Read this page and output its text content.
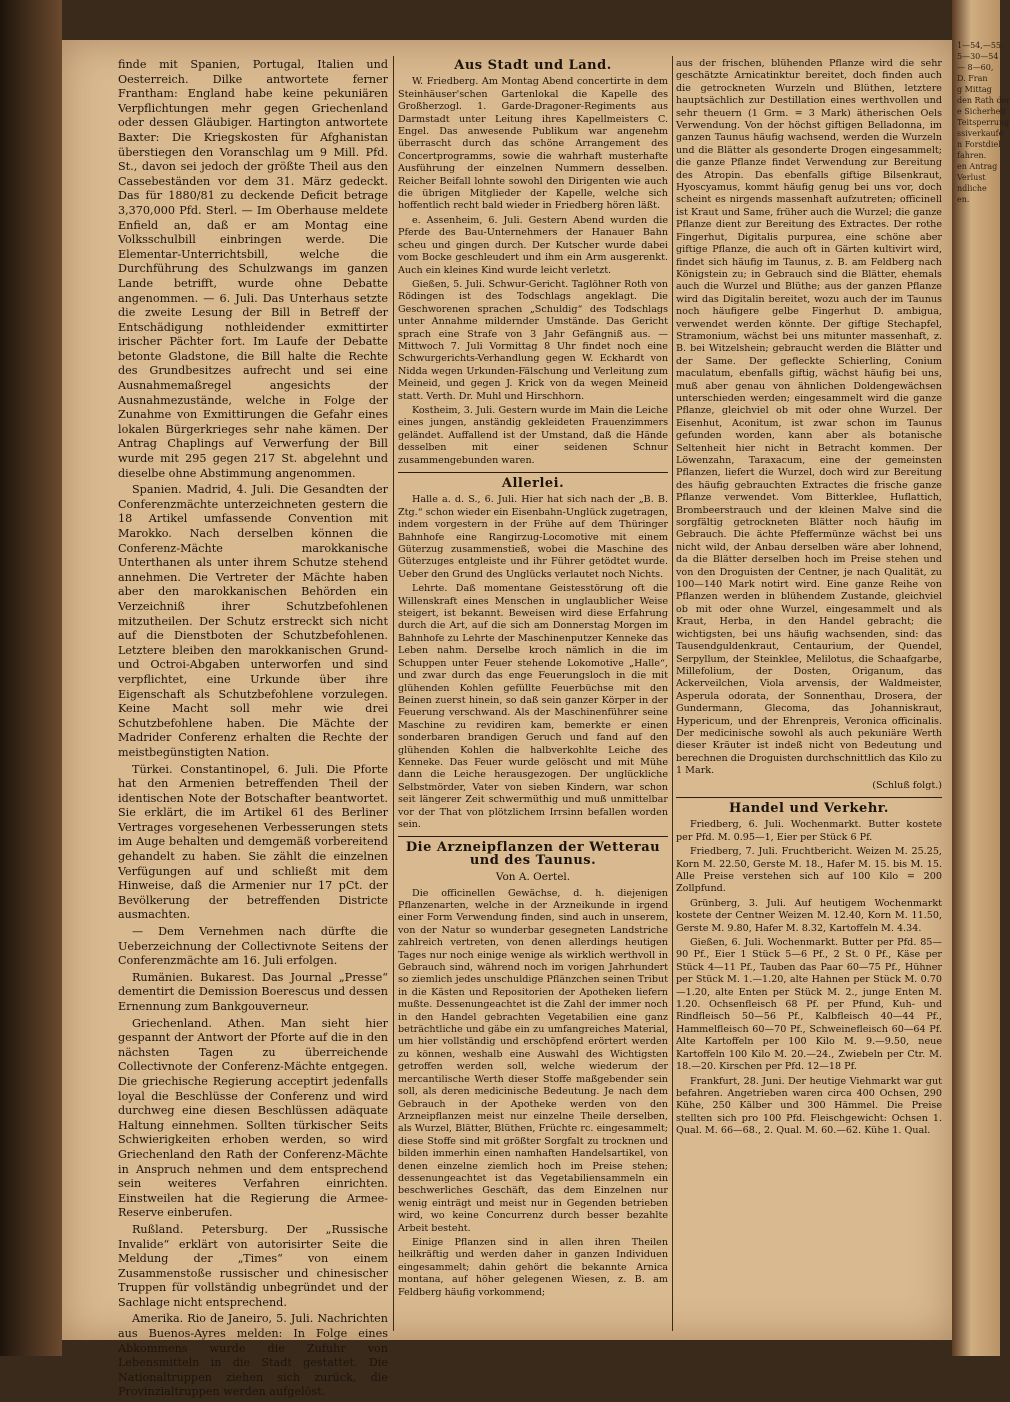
finde mit Spanien, Portugal, Italien und Oesterreich. Dilke antwortete ferner Frantham: England habe keine pekuniären Verpflichtungen mehr gegen Griechenland oder dessen Gläubiger. Hartington antwortete Baxter: Die Kriegskosten für Afghanistan überstiegen den Voranschlag um 9 Mill. Pfd. St., davon sei jedoch der größte Theil aus den Cassebeständen vor dem 31. März gedeckt. Das für 1880/81 zu deckende Deficit betrage 3,370,000 Pfd. Sterl. — Im Oberhause meldete Enfield an, daß er am Montag eine Volksschulbill einbringen werde. Die Elementar-Unterrichtsbill, welche die Durchführung des Schulzwangs im ganzen Lande betrifft, wurde ohne Debatte angenommen. — 6. Juli. Das Unterhaus setzte die zweite Lesung der Bill in Betreff der Entschädigung nothleidender exmittirter irischer Pächter fort. Im Laufe der Debatte betonte Gladstone, die Bill halte die Rechte des Grundbesitzes aufrecht und sei eine Ausnahmemaßregel angesichts der Ausnahmezustände, welche in Folge der Zunahme von Exmittirungen die Gefahr eines lokalen Bürgerkrieges sehr nahe kämen. Der Antrag Chaplings auf Verwerfung der Bill wurde mit 295 gegen 217 St. abgelehnt und dieselbe ohne Abstimmung angenommen.

Spanien. Madrid, 4. Juli. Die Gesandten der Conferenzmächte unterzeichneten gestern die 18 Artikel umfassende Convention mit Marokko. Nach derselben können die Conferenz-Mächte marokkanische Unterthanen als unter ihrem Schutze stehend annehmen. Die Vertreter der Mächte haben aber den marokkanischen Behörden ein Verzeichniß ihrer Schutzbefohlenen mitzutheilen. Der Schutz erstreckt sich nicht auf die Dienstboten der Schutzbefohlenen. Letztere bleiben den marokkanischen Grund- und Octroi-Abgaben unterworfen und sind verpflichtet, eine Urkunde über ihre Eigenschaft als Schutzbefohlene vorzulegen. Keine Macht soll mehr wie drei Schutzbefohlene haben. Die Mächte der Madrider Conferenz erhalten die Rechte der meistbegünstigten Nation.

Türkei. Constantinopel, 6. Juli. Die Pforte hat den Armenien betreffenden Theil der identischen Note der Botschafter beantwortet. Sie erklärt, die im Artikel 61 des Berliner Vertrages vorgesehenen Verbesserungen stets im Auge behalten und demgemäß vorbereitend gehandelt zu haben. Sie zählt die einzelnen Verfügungen auf und schließt mit dem Hinweise, daß die Armenier nur 17 pCt. der Bevölkerung der betreffenden Districte ausmachten.

— Dem Vernehmen nach dürfte die Ueberzeichnung der Collectivnote Seitens der Conferenzmächte am 16. Juli erfolgen.

Rumänien. Bukarest. Das Journal „Presse“ dementirt die Demission Boerescus und dessen Ernennung zum Bankgouverneur.

Griechenland. Athen. Man sieht hier gespannt der Antwort der Pforte auf die in den nächsten Tagen zu überreichende Collectivnote der Conferenz-Mächte entgegen. Die griechische Regierung acceptirt jedenfalls loyal die Beschlüsse der Conferenz und wird durchweg eine diesen Beschlüssen adäquate Haltung einnehmen. Sollten türkischer Seits Schwierigkeiten erhoben werden, so wird Griechenland den Rath der Conferenz-Mächte in Anspruch nehmen und dem entsprechend sein weiteres Verfahren einrichten. Einstweilen hat die Regierung die Armee-Reserve einberufen.

Rußland. Petersburg. Der „Russische Invalide“ erklärt von autorisirter Seite die Meldung der „Times“ von einem Zusammenstoße russischer und chinesischer Truppen für vollständig unbegründet und der Sachlage nicht entsprechend.

Amerika. Rio de Janeiro, 5. Juli. Nachrichten aus Buenos-Ayres melden: In Folge eines Abkommens wurde die Zufuhr von Lebensmitteln in die Stadt gestattet. Die Nationaltruppen ziehen sich zurück, die Provinzialtruppen werden aufgelöst.

Aus Stadt und Land.

W. Friedberg. Am Montag Abend concertirte in dem Steinhäuser'schen Gartenlokal die Kapelle des Großherzogl. 1. Garde-Dragoner-Regiments aus Darmstadt unter Leitung ihres Kapellmeisters C. Engel. Das anwesende Publikum war angenehm überrascht durch das schöne Arrangement des Concertprogramms, sowie die wahrhaft musterhafte Ausführung der einzelnen Nummern desselben. Reicher Beifall lohnte sowohl den Dirigenten wie auch die übrigen Mitglieder der Kapelle, welche sich hoffentlich recht bald wieder in Friedberg hören läßt.

e. Assenheim, 6. Juli. Gestern Abend wurden die Pferde des Bau-Unternehmers der Hanauer Bahn scheu und gingen durch. Der Kutscher wurde dabei vom Bocke geschleudert und ihm ein Arm ausgerenkt. Auch ein kleines Kind wurde leicht verletzt.

Gießen, 5. Juli. Schwur-Gericht. Taglöhner Roth von Rödingen ist des Todschlags angeklagt. Die Geschworenen sprachen „Schuldig“ des Todschlags unter Annahme mildernder Umstände. Das Gericht sprach eine Strafe von 3 Jahr Gefängniß aus. — Mittwoch 7. Juli Vormittag 8 Uhr findet noch eine Schwurgerichts-Verhandlung gegen W. Eckhardt von Nidda wegen Urkunden-Fälschung und Verleitung zum Meineid, und gegen J. Krick von da wegen Meineid statt. Verth. Dr. Muhl und Hirschhorn.

Kostheim, 3. Juli. Gestern wurde im Main die Leiche eines jungen, anständig gekleideten Frauenzimmers geländet. Auffallend ist der Umstand, daß die Hände desselben mit einer seidenen Schnur zusammengebunden waren.

Allerlei.

Halle a. d. S., 6. Juli. Hier hat sich nach der „B. B. Ztg.“ schon wieder ein Eisenbahn-Unglück zugetragen, indem vorgestern in der Frühe auf dem Thüringer Bahnhofe eine Rangirzug-Locomotive mit einem Güterzug zusammenstieß, wobei die Maschine des Güterzuges entgleiste und ihr Führer getödtet wurde. Ueber den Grund des Unglücks verlautet noch Nichts.

Lehrte. Daß momentane Geistesstörung oft die Willenskraft eines Menschen in unglaublicher Weise steigert, ist bekannt. Beweisen wird diese Erfahrung durch die Art, auf die sich am Donnerstag Morgen im Bahnhofe zu Lehrte der Maschinenputzer Kenneke das Leben nahm. Derselbe kroch nämlich in die im Schuppen unter Feuer stehende Lokomotive „Halle“, und zwar durch das enge Feuerungsloch in die mit glühenden Kohlen gefüllte Feuerbüchse mit den Beinen zuerst hinein, so daß sein ganzer Körper in der Feuerung verschwand. Als der Maschinenführer seine Maschine zu revidiren kam, bemerkte er einen sonderbaren brandigen Geruch und fand auf den glühenden Kohlen die halbverkohlte Leiche des Kenneke. Das Feuer wurde gelöscht und mit Mühe dann die Leiche herausgezogen. Der unglückliche Selbstmörder, Vater von sieben Kindern, war schon seit längerer Zeit schwermüthig und muß unmittelbar vor der That von plötzlichem Irrsinn befallen worden sein.

Die Arzneipflanzen der Wetterau und des Taunus.
Von A. Oertel.

Die officinellen Gewächse, d. h. diejenigen Pflanzenarten, welche in der Arzneikunde in irgend einer Form Verwendung finden, sind auch in unserem, von der Natur so wunderbar gesegneten Landstriche zahlreich vertreten, von denen allerdings heutigen Tages nur noch einige wenige als wirklich werthvoll in Gebrauch sind, während noch im vorigen Jahrhundert so ziemlich jedes unschuldige Pflänzchen seinen Tribut in die Kästen und Repositorien der Apotheken liefern mußte. Dessenungeachtet ist die Zahl der immer noch in den Handel gebrachten Vegetabilien eine ganz beträchtliche und gäbe ein zu umfangreiches Material, um hier vollständig und erschöpfend erörtert werden zu können, weshalb eine Auswahl des Wichtigsten getroffen werden soll, welche wiederum der mercantilische Werth dieser Stoffe maßgebender sein soll, als deren medicinische Bedeutung. Je nach dem Gebrauch in der Apotheke werden von den Arzneipflanzen meist nur einzelne Theile derselben, als Wurzel, Blätter, Blüthen, Früchte rc. eingesammelt; diese Stoffe sind mit größter Sorgfalt zu trocknen und bilden immerhin einen namhaften Handelsartikel, von denen einzelne ziemlich hoch im Preise stehen; dessenungeachtet ist das Vegetabiliensammeln ein beschwerliches Geschäft, das dem Einzelnen nur wenig einträgt und meist nur in Gegenden betrieben wird, wo keine Concurrenz durch besser bezahlte Arbeit besteht.

Einige Pflanzen sind in allen ihren Theilen heilkräftig und werden daher in ganzen Individuen eingesammelt; dahin gehört die bekannte Arnica montana, auf höher gelegenen Wiesen, z. B. am Feldberg häufig vorkommend;

aus der frischen, blühenden Pflanze wird die sehr geschätzte Arnicatinktur bereitet, doch finden auch die getrockneten Wurzeln und Blüthen, letztere hauptsächlich zur Destillation eines werthvollen und sehr theuern (1 Grm. = 3 Mark) ätherischen Oels Verwendung. Von der höchst giftigen Belladonna, im ganzen Taunus häufig wachsend, werden die Wurzeln und die Blätter als gesonderte Drogen eingesammelt; die ganze Pflanze findet Verwendung zur Bereitung des Atropin. Das ebenfalls giftige Bilsenkraut, Hyoscyamus, kommt häufig genug bei uns vor, doch scheint es nirgends massenhaft aufzutreten; officinell ist Kraut und Same, früher auch die Wurzel; die ganze Pflanze dient zur Bereitung des Extractes. Der rothe Fingerhut, Digitalis purpurea, eine schöne aber giftige Pflanze, die auch oft in Gärten kultivirt wird, findet sich häufig im Taunus, z. B. am Feldberg nach Königstein zu; in Gebrauch sind die Blätter, ehemals auch die Wurzel und Blüthe; aus der ganzen Pflanze wird das Digitalin bereitet, wozu auch der im Taunus noch häufigere gelbe Fingerhut D. ambigua, verwendet werden könnte. Der giftige Stechapfel, Stramonium, wächst bei uns mitunter massenhaft, z. B. bei Witzelshein; gebraucht werden die Blätter und der Same. Der gefleckte Schierling, Conium maculatum, ebenfalls giftig, wächst häufig bei uns, muß aber genau von ähnlichen Doldengewächsen unterschieden werden; eingesammelt wird die ganze Pflanze, gleichviel ob mit oder ohne Wurzel. Der Eisenhut, Aconitum, ist zwar schon im Taunus gefunden worden, kann aber als botanische Seltenheit hier nicht in Betracht kommen. Der Löwenzahn, Taraxacum, eine der gemeinsten Pflanzen, liefert die Wurzel, doch wird zur Bereitung des häufig gebrauchten Extractes die frische ganze Pflanze verwendet. Vom Bitterklee, Huflattich, Brombeerstrauch und der kleinen Malve sind die sorgfältig getrockneten Blätter noch häufig im Gebrauch. Die ächte Pfeffermünze wächst bei uns nicht wild, der Anbau derselben wäre aber lohnend, da die Blätter derselben hoch im Preise stehen und von den Droguisten der Centner, je nach Qualität, zu 100—140 Mark notirt wird. Eine ganze Reihe von Pflanzen werden in blühendem Zustande, gleichviel ob mit oder ohne Wurzel, eingesammelt und als Kraut, Herba, in den Handel gebracht; die wichtigsten, bei uns häufig wachsenden, sind: das Tausendguldenkraut, Centaurium, der Quendel, Serpyllum, der Steinklee, Melilotus, die Schaafgarbe, Millefolium, der Dosten, Origanum, das Ackerveilchen, Viola arvensis, der Waldmeister, Asperula odorata, der Sonnenthau, Drosera, der Gundermann, Glecoma, das Johanniskraut, Hypericum, und der Ehrenpreis, Veronica officinalis. Der medicinische sowohl als auch pekuniäre Werth dieser Kräuter ist indeß nicht von Bedeutung und berechnen die Droguisten durchschnittlich das Kilo zu 1 Mark.

(Schluß folgt.)
Handel und Verkehr.

Friedberg, 6. Juli. Wochenmarkt. Butter kostete per Pfd. M. 0.95—1, Eier per Stück 6 Pf.

Friedberg, 7. Juli. Fruchtbericht. Weizen M. 25.25, Korn M. 22.50, Gerste M. 18., Hafer M. 15. bis M. 15. Alle Preise verstehen sich auf 100 Kilo = 200 Zollpfund.

Grünberg, 3. Juli. Auf heutigem Wochenmarkt kostete der Centner Weizen M. 12.40, Korn M. 11.50, Gerste M. 9.80, Hafer M. 8.32, Kartoffeln M. 4.34.

Gießen, 6. Juli. Wochenmarkt. Butter per Pfd. 85—90 Pf., Eier 1 Stück 5—6 Pf., 2 St. 0 Pf., Käse per Stück 4—11 Pf., Tauben das Paar 60—75 Pf., Hühner per Stück M. 1.—1.20, alte Hahnen per Stück M. 0.70—1.20, alte Enten per Stück M. 2., junge Enten M. 1.20. Ochsenfleisch 68 Pf. per Pfund, Kuh- und Rindfleisch 50—56 Pf., Kalbfleisch 40—44 Pf., Hammelfleisch 60—70 Pf., Schweinefleisch 60—64 Pf. Alte Kartoffeln per 100 Kilo M. 9.—9.50, neue Kartoffeln 100 Kilo M. 20.—24., Zwiebeln per Ctr. M. 18.—20. Kirschen per Pfd. 12—18 Pf.

Frankfurt, 28. Juni. Der heutige Viehmarkt war gut befahren. Angetrieben waren circa 400 Ochsen, 290 Kühe, 250 Kälber und 300 Hämmel. Die Preise stellten sich pro 100 Pfd. Fleischgewicht: Ochsen 1. Qual. M. 66—68., 2. Qual. M. 60.—62. Kühe 1. Qual.

1—54,—55,
5—30—54
— 8—60,
D. Fran
g Mittag
den Rath der
e Sicherheit
Teitsperrung
ssiverkaufe
n Forstdiel
fahren.
en Antrag
Verlust
ndliche
en.
